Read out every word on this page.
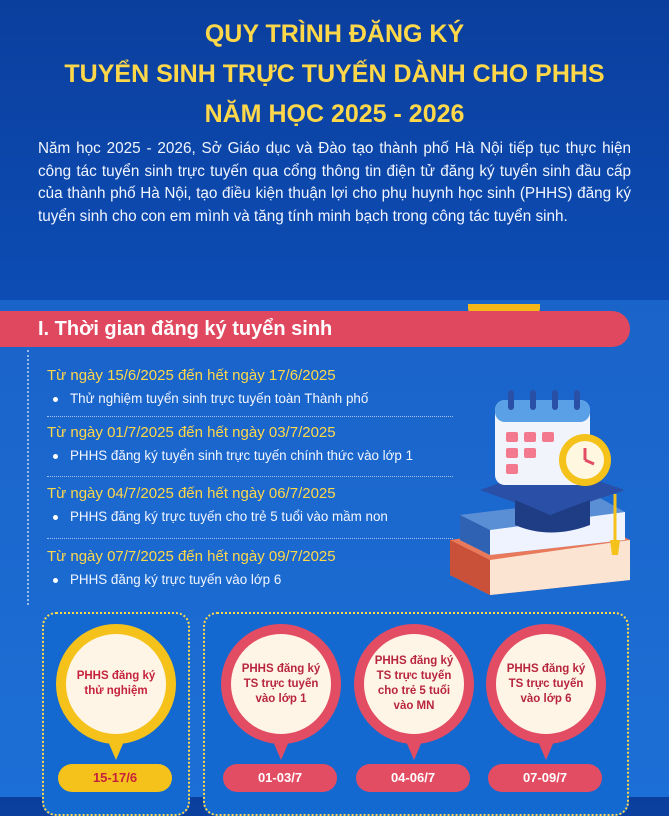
QUY TRÌNH ĐĂNG KÝ
TUYỂN SINH TRỰC TUYẾN DÀNH CHO PHHS
NĂM HỌC 2025 - 2026
Năm học 2025 - 2026, Sở Giáo dục và Đào tạo thành phố Hà Nội tiếp tục thực hiện công tác tuyển sinh trực tuyến qua cổng thông tin điện tử đăng ký tuyển sinh đầu cấp của thành phố Hà Nội, tạo điều kiện thuận lợi cho phụ huynh học sinh (PHHS) đăng ký tuyển sinh cho con em mình và tăng tính minh bạch trong công tác tuyển sinh.
I. Thời gian đăng ký tuyển sinh
Từ ngày 15/6/2025 đến hết ngày 17/6/2025
Thử nghiệm tuyển sinh trực tuyến toàn Thành phố
Từ ngày 01/7/2025 đến hết ngày 03/7/2025
PHHS đăng ký tuyển sinh trực tuyến chính thức vào lớp 1
Từ ngày 04/7/2025 đến hết ngày 06/7/2025
PHHS đăng ký trực tuyến cho trẻ 5 tuổi vào mầm non
Từ ngày 07/7/2025 đến hết ngày 09/7/2025
PHHS đăng ký trực tuyến vào lớp 6
PHHS đăng ký thử nghiệm
PHHS đăng ký TS trực tuyến vào lớp 1
PHHS đăng ký TS trực tuyến cho trẻ 5 tuổi vào MN
PHHS đăng ký TS trực tuyến vào lớp 6
15-17/6	01-03/7	04-06/7	07-09/7
